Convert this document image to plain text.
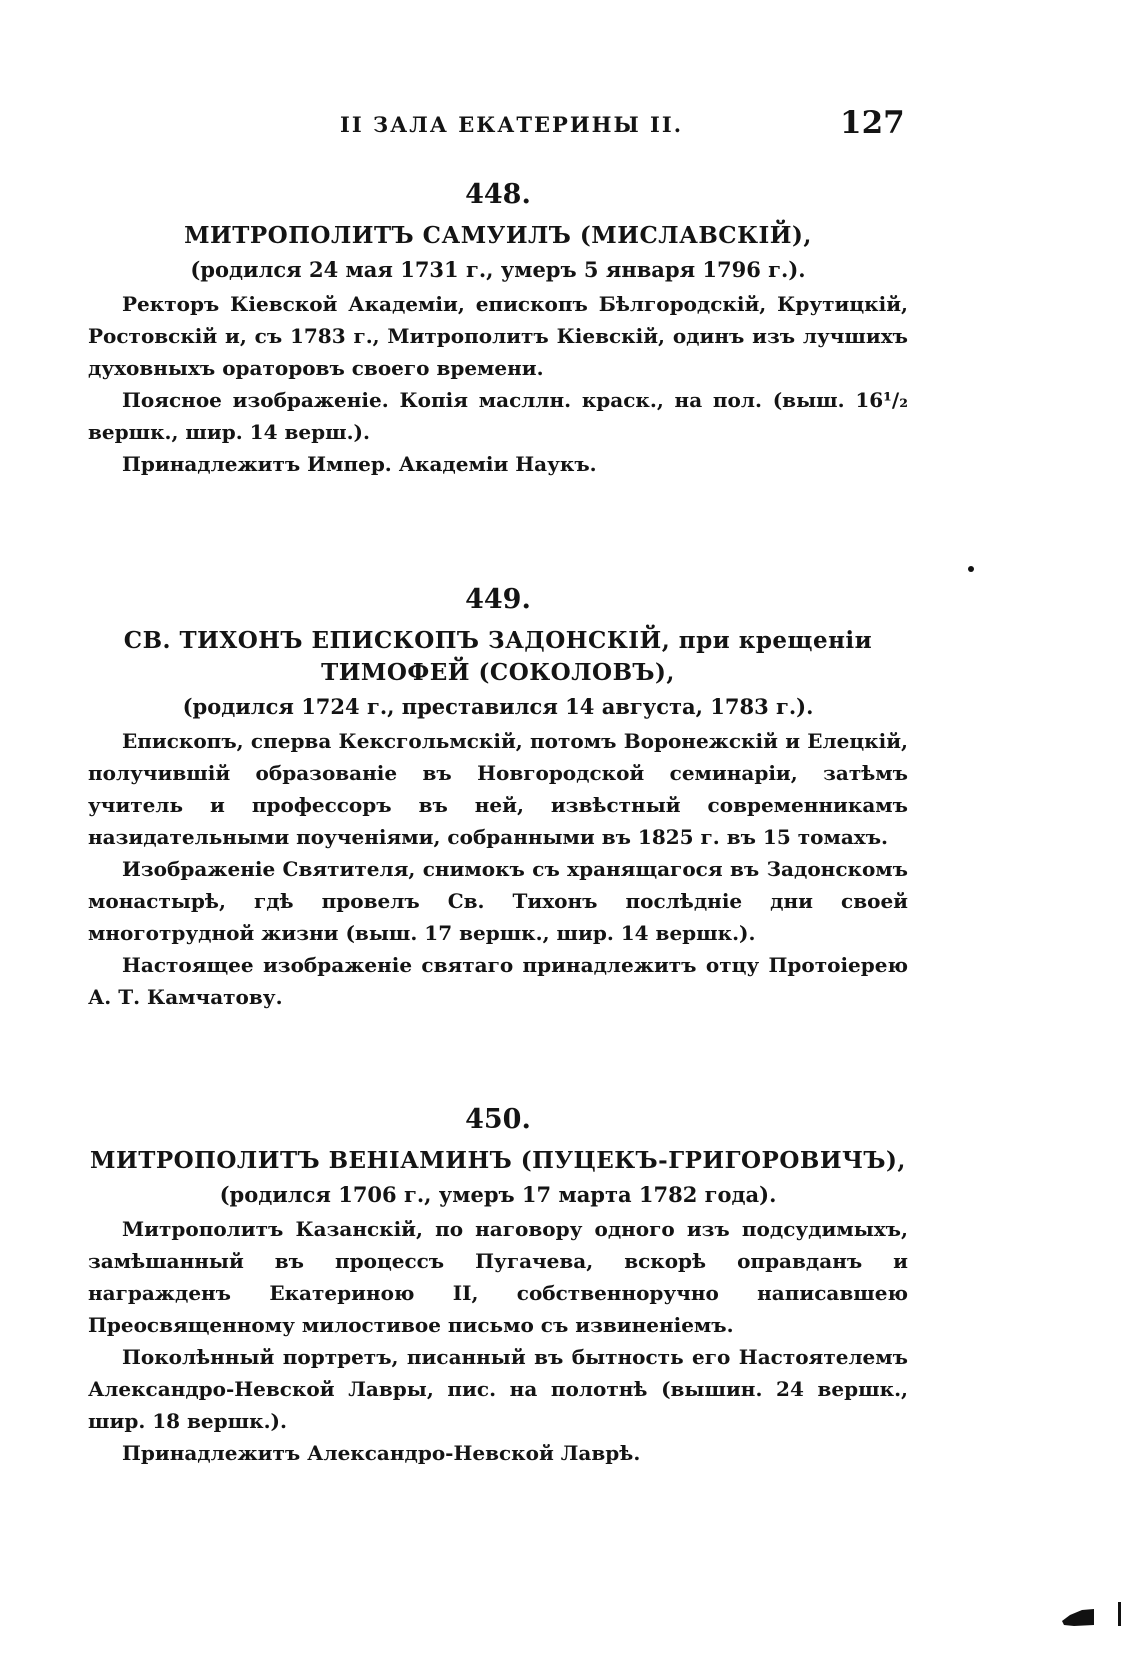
II ЗАЛА ЕКАТЕРИНЫ II.	127
448.
МИТРОПОЛИТЪ САМУИЛЪ (МИСЛАВСКІЙ),
(родился 24 мая 1731 г., умеръ 5 января 1796 г.).

Ректоръ Кіевской Академіи, епископъ Бѣлгородскій, Крутицкій, Ростовскій и, съ 1783 г., Митрополитъ Кіевскій, одинъ изъ лучшихъ духовныхъ ораторовъ своего времени.

Поясное изображеніе. Копія масллн. краск., на пол. (выш. 16¹/₂ вершк., шир. 14 верш.).

Принадлежитъ Импер. Академіи Наукъ.

449.
СВ. ТИХОНЪ ЕПИСКОПЪ ЗАДОНСКІЙ, при крещеніи ТИМОФЕЙ (СОКОЛОВЪ),
(родился 1724 г., преставился 14 августа, 1783 г.).

Епископъ, сперва Кексгольмскій, потомъ Воронежскій и Елецкій, получившій образованіе въ Новгородской семинаріи, затѣмъ учитель и профессоръ въ ней, извѣстный современникамъ назидательными поученіями, собранными въ 1825 г. въ 15 томахъ.

Изображеніе Святителя, снимокъ съ хранящагося въ Задонскомъ монастырѣ, гдѣ провелъ Св. Тихонъ послѣдніе дни своей многотрудной жизни (выш. 17 вершк., шир. 14 вершк.).

Настоящее изображеніе святаго принадлежитъ отцу Протоіерею А. Т. Камчатову.

450.
МИТРОПОЛИТЪ ВЕНІАМИНЪ (ПУЦЕКЪ-ГРИГОРОВИЧЪ),
(родился 1706 г., умеръ 17 марта 1782 года).

Митрополитъ Казанскій, по наговору одного изъ подсудимыхъ, замѣшанный въ процессъ Пугачева, вскорѣ оправданъ и награжденъ Екатериною II, собственноручно написавшею Преосвященному милостивое письмо съ извиненіемъ.

Поколѣнный портретъ, писанный въ бытность его Настоятелемъ Александро-Невской Лавры, пис. на полотнѣ (вышин. 24 вершк., шир. 18 вершк.).

Принадлежитъ Александро-Невской Лаврѣ.
